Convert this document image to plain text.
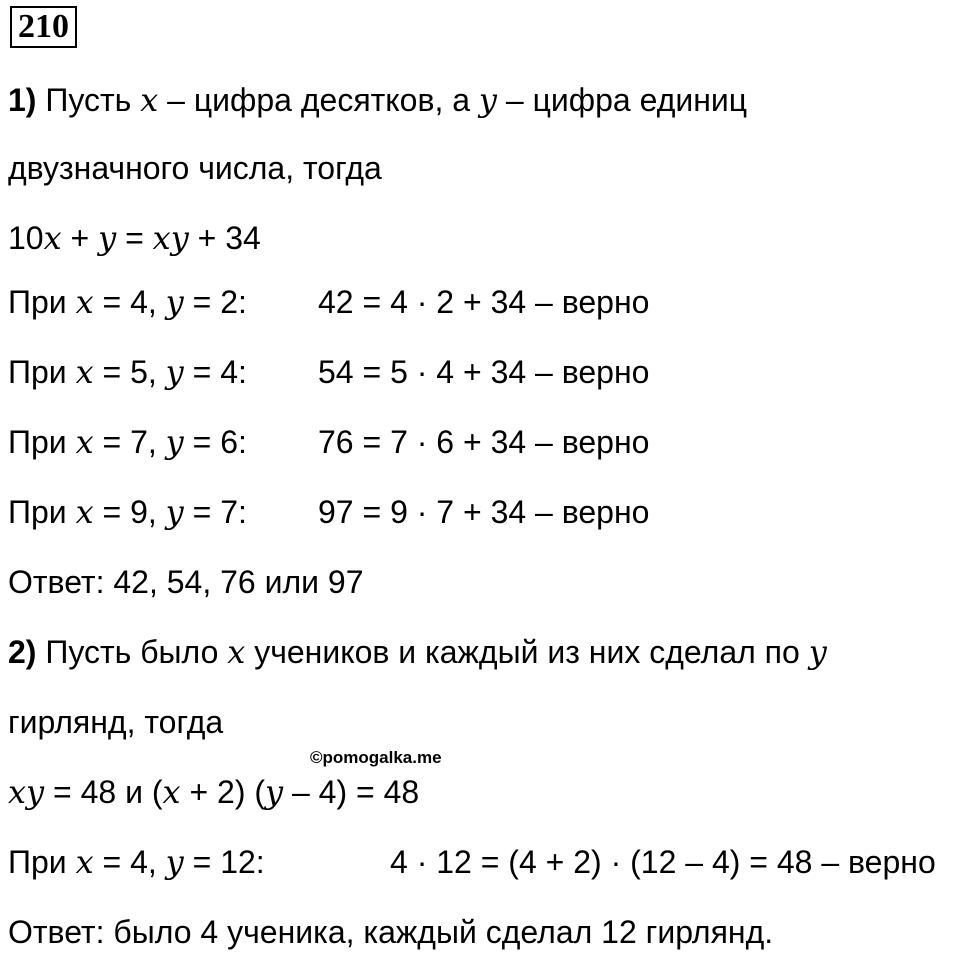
210
1) Пусть x – цифра десятков, а y – цифра единиц
двузначного числа, тогда
10x + y = xy + 34
При x = 4, y = 2: 42 = 4 · 2 + 34 – верно
При x = 5, y = 4: 54 = 5 · 4 + 34 – верно
При x = 7, y = 6: 76 = 7 · 6 + 34 – верно
При x = 9, y = 7: 97 = 9 · 7 + 34 – верно
Ответ: 42, 54, 76 или 97
2) Пусть было x учеников и каждый из них сделал по y
гирлянд, тогда
©pomogalka.me
xy = 48 и (x + 2) (y – 4) = 48
При x = 4, y = 12:	4 · 12 = (4 + 2) · (12 – 4) = 48 – верно
Ответ: было 4 ученика, каждый сделал 12 гирлянд.
